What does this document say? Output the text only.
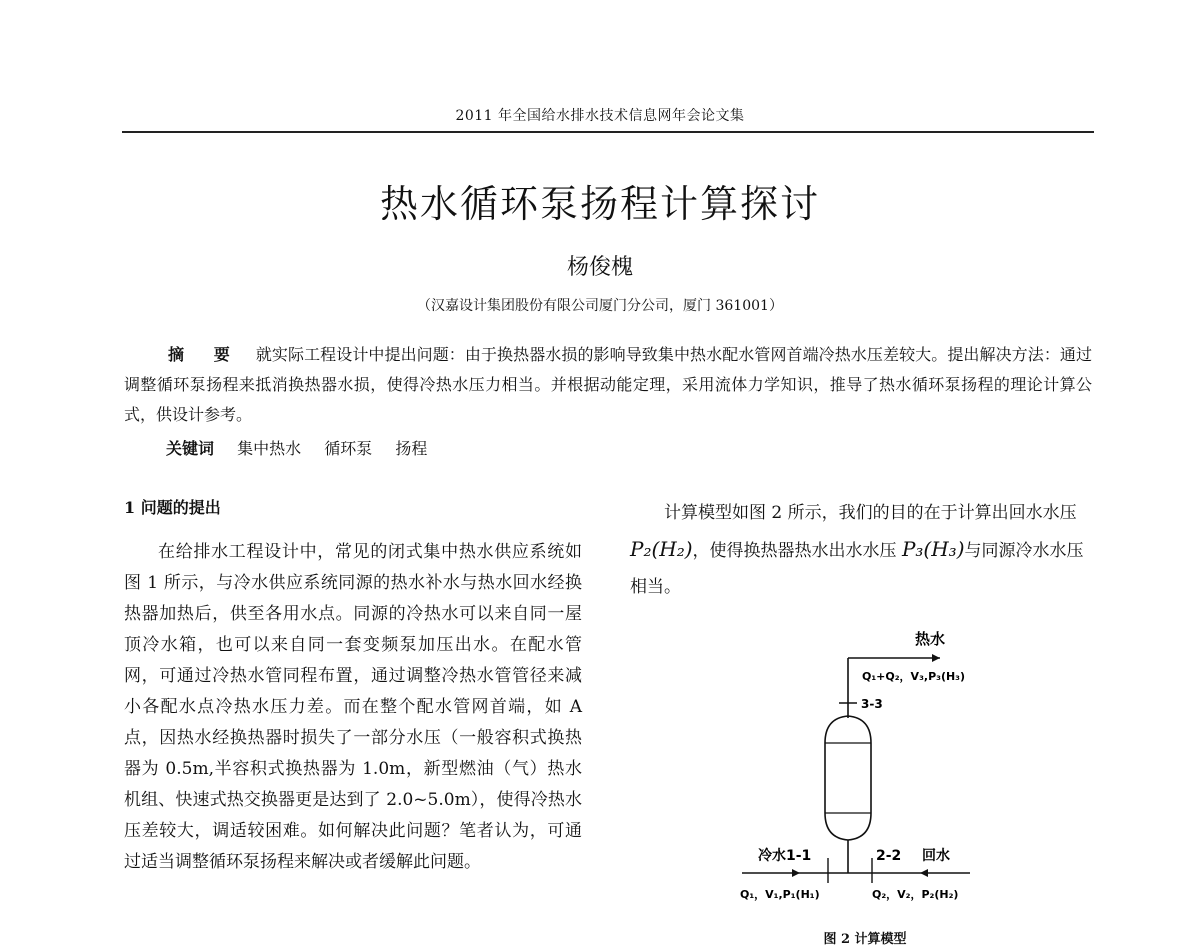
2011 年全国给水排水技术信息网年会论文集
热水循环泵扬程计算探讨
杨俊槐
（汉嘉设计集团股份有限公司厦门分公司，厦门 361001）

摘 要 就实际工程设计中提出问题：由于换热器水损的影响导致集中热水配水管网首端冷热水压差较大。提出解决方法：通过调整循环泵扬程来抵消换热器水损，使得冷热水压力相当。并根据动能定理，采用流体力学知识，推导了热水循环泵扬程的理论计算公式，供设计参考。

关键词 集中热水 循环泵 扬程
1 问题的提出

在给排水工程设计中，常见的闭式集中热水供应系统如图 1 所示，与冷水供应系统同源的热水补水与热水回水经换热器加热后，供至各用水点。同源的冷热水可以来自同一屋顶冷水箱，也可以来自同一套变频泵加压出水。在配水管网，可通过冷热水管同程布置，通过调整冷热水管管径来减小各配水点冷热水压力差。而在整个配水管网首端，如 A 点，因热水经换热器时损失了一部分水压（一般容积式换热器为 0.5m,半容积式换热器为 1.0m，新型燃油（气）热水机组、快速式热交换器更是达到了 2.0~5.0m），使得冷热水压差较大，调适较困难。如何解决此问题？笔者认为，可通过适当调整循环泵扬程来解决或者缓解此问题。

计算模型如图 2 所示，我们的目的在于计算出回水水压 P₂(H₂)，使得换热器热水出水水压 P₃(H₃)与同源冷水水压相当。

热水
Q₁+Q₂，V₃,P₃(H₃)
3-3
冷水1-1	2-2 回水
Q₁，V₁,P₁(H₁)	Q₂，V₂，P₂(H₂)
图 2 计算模型
